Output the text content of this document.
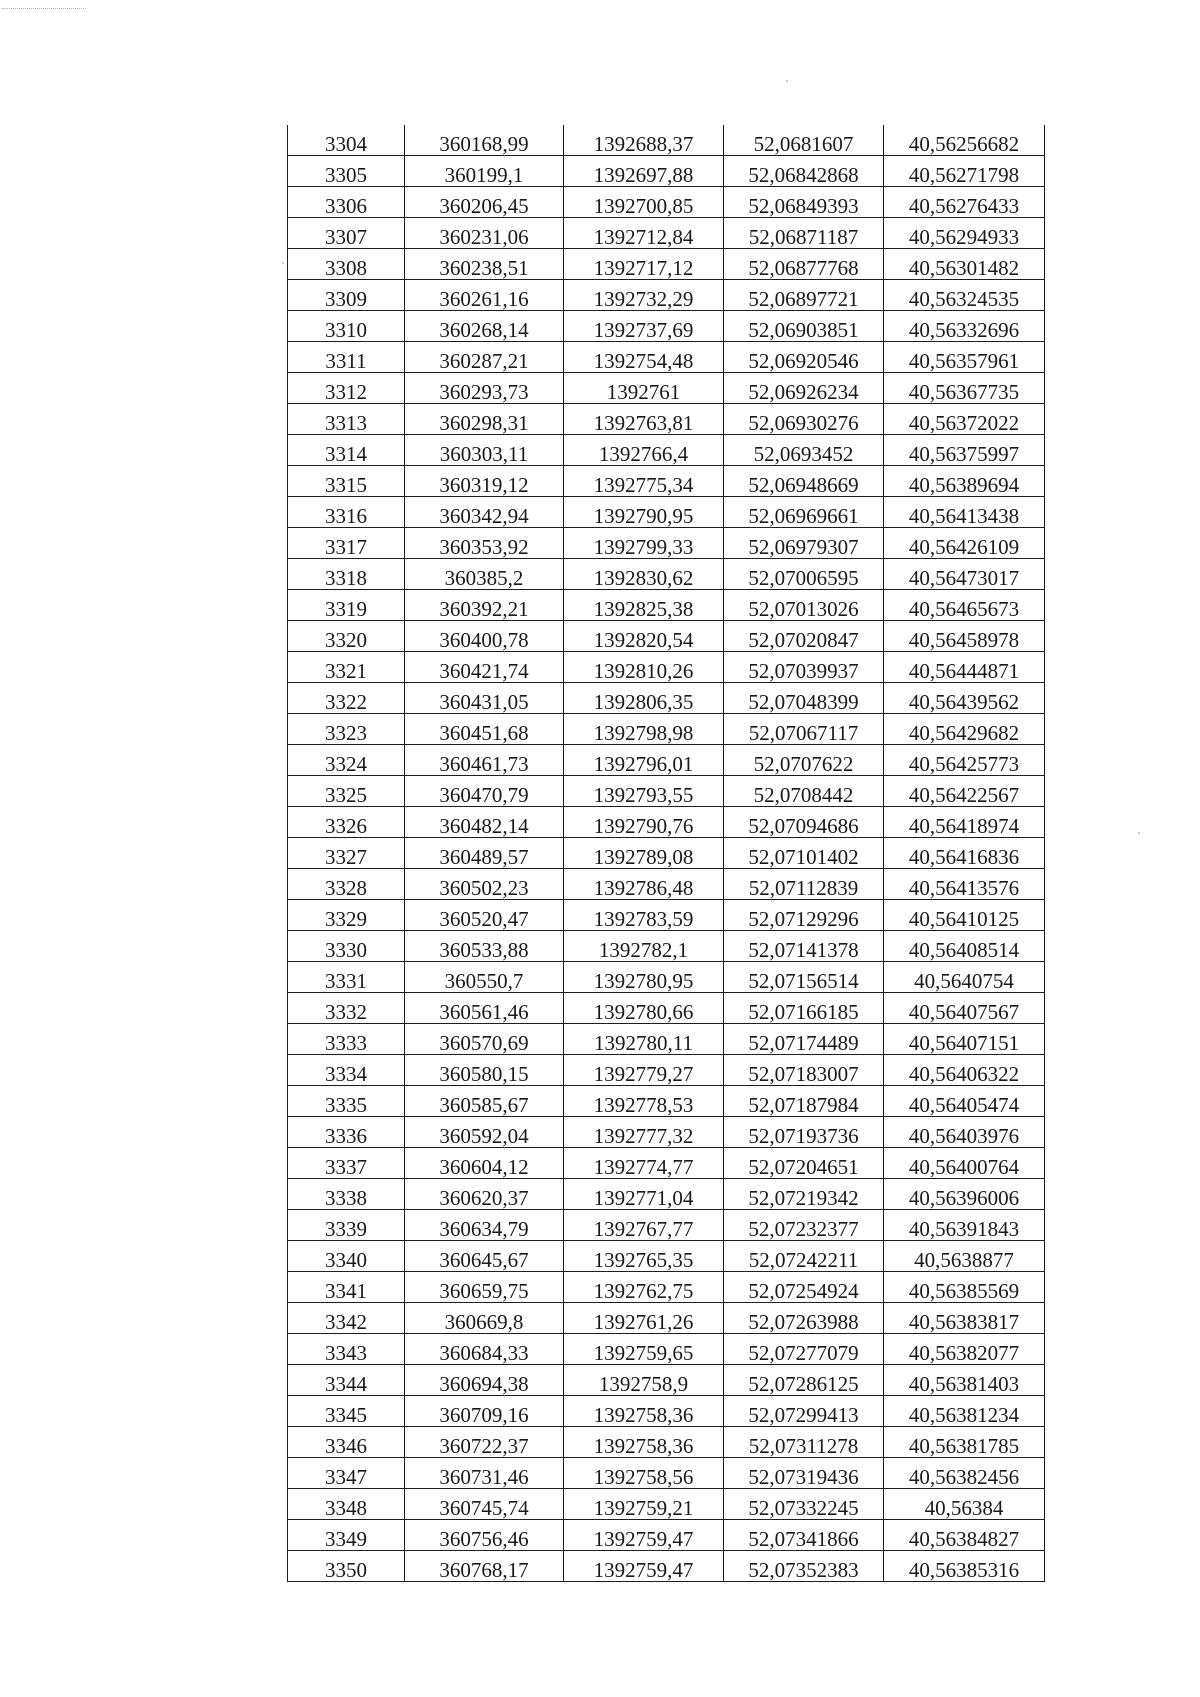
3304	360168,99	1392688,37	52,0681607	40,56256682
3305	360199,1	1392697,88	52,06842868	40,56271798
3306	360206,45	1392700,85	52,06849393	40,56276433
3307	360231,06	1392712,84	52,06871187	40,56294933
3308	360238,51	1392717,12	52,06877768	40,56301482
3309	360261,16	1392732,29	52,06897721	40,56324535
3310	360268,14	1392737,69	52,06903851	40,56332696
3311	360287,21	1392754,48	52,06920546	40,56357961
3312	360293,73	1392761	52,06926234	40,56367735
3313	360298,31	1392763,81	52,06930276	40,56372022
3314	360303,11	1392766,4	52,0693452	40,56375997
3315	360319,12	1392775,34	52,06948669	40,56389694
3316	360342,94	1392790,95	52,06969661	40,56413438
3317	360353,92	1392799,33	52,06979307	40,56426109
3318	360385,2	1392830,62	52,07006595	40,56473017
3319	360392,21	1392825,38	52,07013026	40,56465673
3320	360400,78	1392820,54	52,07020847	40,56458978
3321	360421,74	1392810,26	52,07039937	40,56444871
3322	360431,05	1392806,35	52,07048399	40,56439562
3323	360451,68	1392798,98	52,07067117	40,56429682
3324	360461,73	1392796,01	52,0707622	40,56425773
3325	360470,79	1392793,55	52,0708442	40,56422567
3326	360482,14	1392790,76	52,07094686	40,56418974
3327	360489,57	1392789,08	52,07101402	40,56416836
3328	360502,23	1392786,48	52,07112839	40,56413576
3329	360520,47	1392783,59	52,07129296	40,56410125
3330	360533,88	1392782,1	52,07141378	40,56408514
3331	360550,7	1392780,95	52,07156514	40,5640754
3332	360561,46	1392780,66	52,07166185	40,56407567
3333	360570,69	1392780,11	52,07174489	40,56407151
3334	360580,15	1392779,27	52,07183007	40,56406322
3335	360585,67	1392778,53	52,07187984	40,56405474
3336	360592,04	1392777,32	52,07193736	40,56403976
3337	360604,12	1392774,77	52,07204651	40,56400764
3338	360620,37	1392771,04	52,07219342	40,56396006
3339	360634,79	1392767,77	52,07232377	40,56391843
3340	360645,67	1392765,35	52,07242211	40,5638877
3341	360659,75	1392762,75	52,07254924	40,56385569
3342	360669,8	1392761,26	52,07263988	40,56383817
3343	360684,33	1392759,65	52,07277079	40,56382077
3344	360694,38	1392758,9	52,07286125	40,56381403
3345	360709,16	1392758,36	52,07299413	40,56381234
3346	360722,37	1392758,36	52,07311278	40,56381785
3347	360731,46	1392758,56	52,07319436	40,56382456
3348	360745,74	1392759,21	52,07332245	40,56384
3349	360756,46	1392759,47	52,07341866	40,56384827
3350	360768,17	1392759,47	52,07352383	40,56385316
